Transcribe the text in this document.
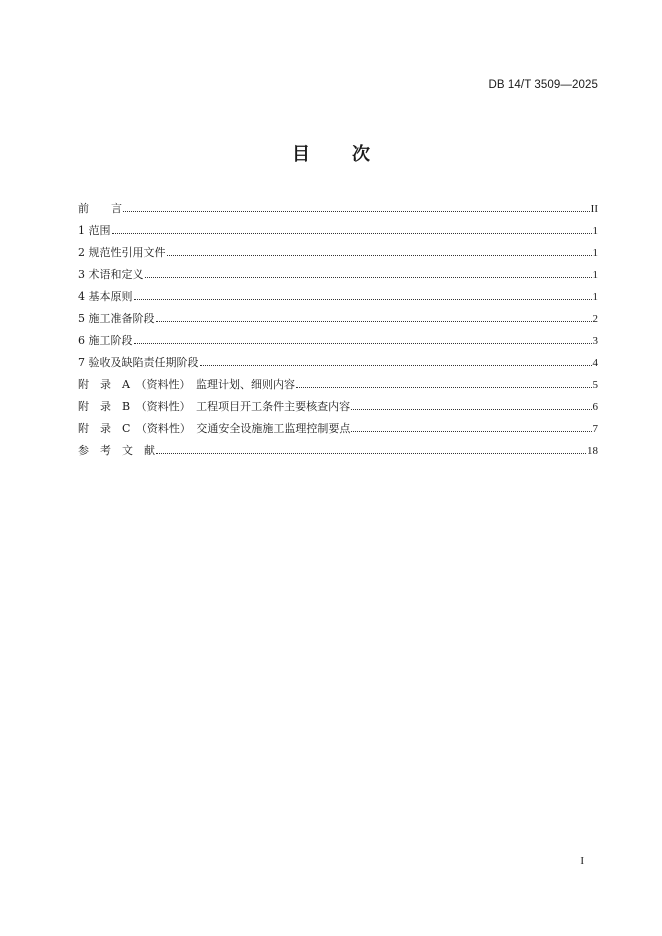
DB 14/T 3509—2025
目 次
前　　言	II
1 范围	1
2 规范性引用文件	1
3 术语和定义	1
4 基本原则	1
5 施工准备阶段	2
6 施工阶段	3
7 验收及缺陷责任期阶段	4
附　录　A　（资料性）　监理计划、细则内容	5
附　录　B　（资料性）　工程项目开工条件主要核查内容	6
附　录　C　（资料性）　交通安全设施施工监理控制要点	7
参　考　文　献	18
I
